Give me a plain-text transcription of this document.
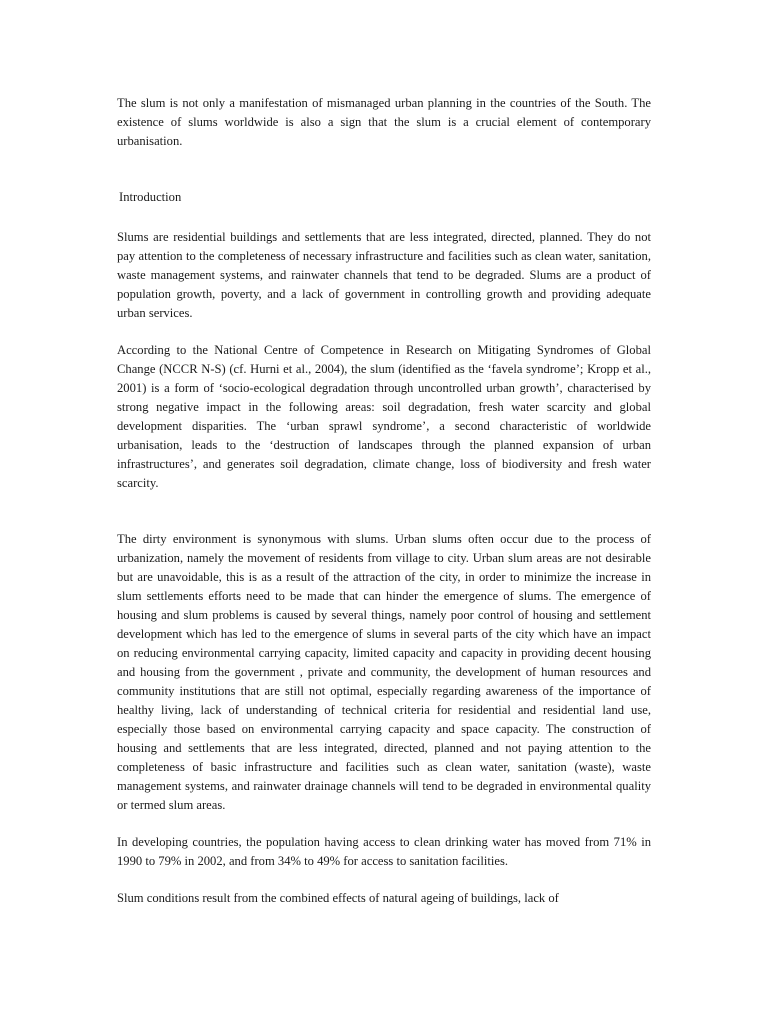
The slum is not only a manifestation of mismanaged urban planning in the countries of the South. The existence of slums worldwide is also a sign that the slum is a crucial element of contemporary urbanisation.

Introduction

Slums are residential buildings and settlements that are less integrated, directed, planned. They do not pay attention to the completeness of necessary infrastructure and facilities such as clean water, sanitation, waste management systems, and rainwater channels that tend to be degraded. Slums are a product of population growth, poverty, and a lack of government in controlling growth and providing adequate urban services.

According to the National Centre of Competence in Research on Mitigating Syndromes of Global Change (NCCR N-S) (cf. Hurni et al., 2004), the slum (identified as the ‘favela syndrome’; Kropp et al., 2001) is a form of ‘socio-ecological degradation through uncontrolled urban growth’, characterised by strong negative impact in the following areas: soil degradation, fresh water scarcity and global development disparities. The ‘urban sprawl syndrome’, a second characteristic of worldwide urbanisation, leads to the ‘destruction of landscapes through the planned expansion of urban infrastructures’, and generates soil degradation, climate change, loss of biodiversity and fresh water scarcity.

The dirty environment is synonymous with slums. Urban slums often occur due to the process of urbanization, namely the movement of residents from village to city. Urban slum areas are not desirable but are unavoidable, this is as a result of the attraction of the city, in order to minimize the increase in slum settlements efforts need to be made that can hinder the emergence of slums. The emergence of housing and slum problems is caused by several things, namely poor control of housing and settlement development which has led to the emergence of slums in several parts of the city which have an impact on reducing environmental carrying capacity, limited capacity and capacity in providing decent housing and housing from the government , private and community, the development of human resources and community institutions that are still not optimal, especially regarding awareness of the importance of healthy living, lack of understanding of technical criteria for residential and residential land use, especially those based on environmental carrying capacity and space capacity. The construction of housing and settlements that are less integrated, directed, planned and not paying attention to the completeness of basic infrastructure and facilities such as clean water, sanitation (waste), waste management systems, and rainwater drainage channels will tend to be degraded in environmental quality or termed slum areas.

In developing countries, the population having access to clean drinking water has moved from 71% in 1990 to 79% in 2002, and from 34% to 49% for access to sanitation facilities.

Slum conditions result from the combined effects of natural ageing of buildings, lack of
